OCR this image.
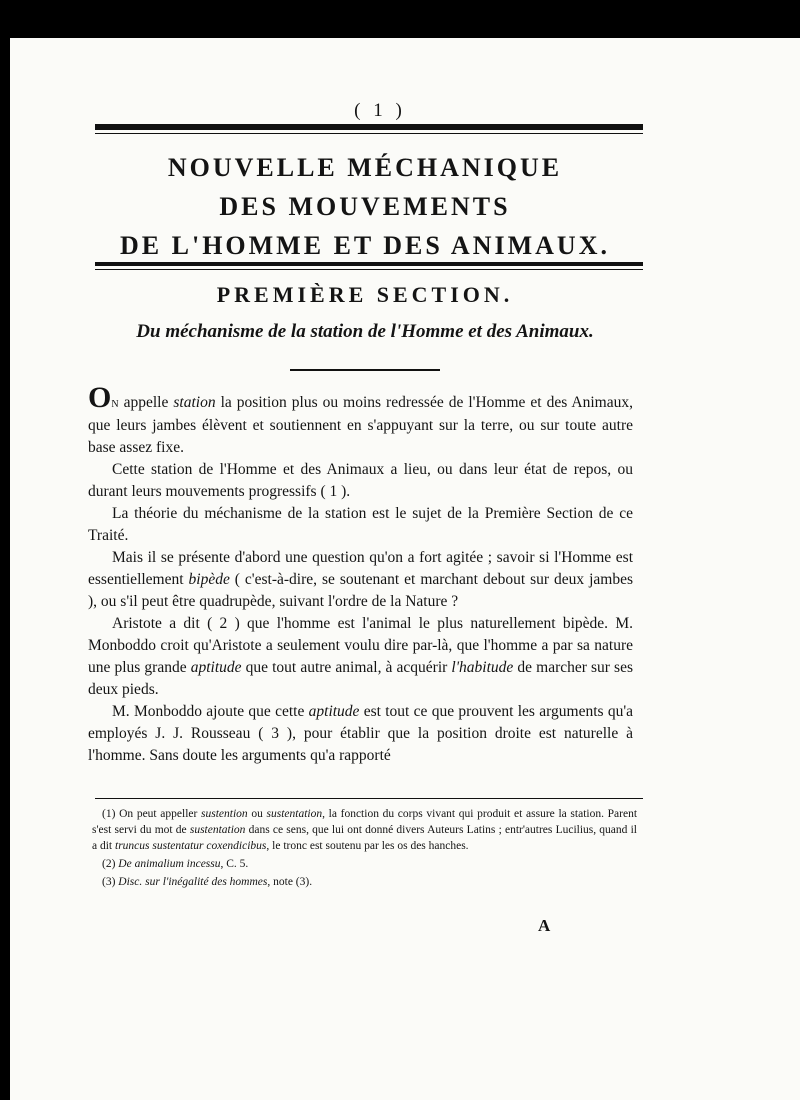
( 1 )
NOUVELLE MÉCHANIQUE
DES MOUVEMENTS
DE L'HOMME ET DES ANIMAUX.
PREMIÈRE SECTION.
Du méchanisme de la station de l'Homme et des Animaux.

On appelle station la position plus ou moins redressée de l'Homme et des Animaux, que leurs jambes élèvent et soutiennent en s'appuyant sur la terre, ou sur toute autre base assez fixe.

Cette station de l'Homme et des Animaux a lieu, ou dans leur état de repos, ou durant leurs mouvements progressifs ( 1 ).

La théorie du méchanisme de la station est le sujet de la Première Section de ce Traité.

Mais il se présente d'abord une question qu'on a fort agitée ; savoir si l'Homme est essentiellement bipède ( c'est-à-dire, se soutenant et marchant debout sur deux jambes ), ou s'il peut être quadrupède, suivant l'ordre de la Nature ?

Aristote a dit ( 2 ) que l'homme est l'animal le plus naturellement bipède. M. Monboddo croit qu'Aristote a seulement voulu dire par-là, que l'homme a par sa nature une plus grande aptitude que tout autre animal, à acquérir l'habitude de marcher sur ses deux pieds.

M. Monboddo ajoute que cette aptitude est tout ce que prouvent les arguments qu'a employés J. J. Rousseau ( 3 ), pour établir que la position droite est naturelle à l'homme. Sans doute les arguments qu'a rapporté

(1) On peut appeller sustention ou sustentation, la fonction du corps vivant qui produit et assure la station. Parent s'est servi du mot de sustentation dans ce sens, que lui ont donné divers Auteurs Latins ; entr'autres Lucilius, quand il a dit truncus sustentatur coxendicibus, le tronc est soutenu par les os des hanches.

(2) De animalium incessu, C. 5.

(3) Disc. sur l'inégalité des hommes, note (3).

A
